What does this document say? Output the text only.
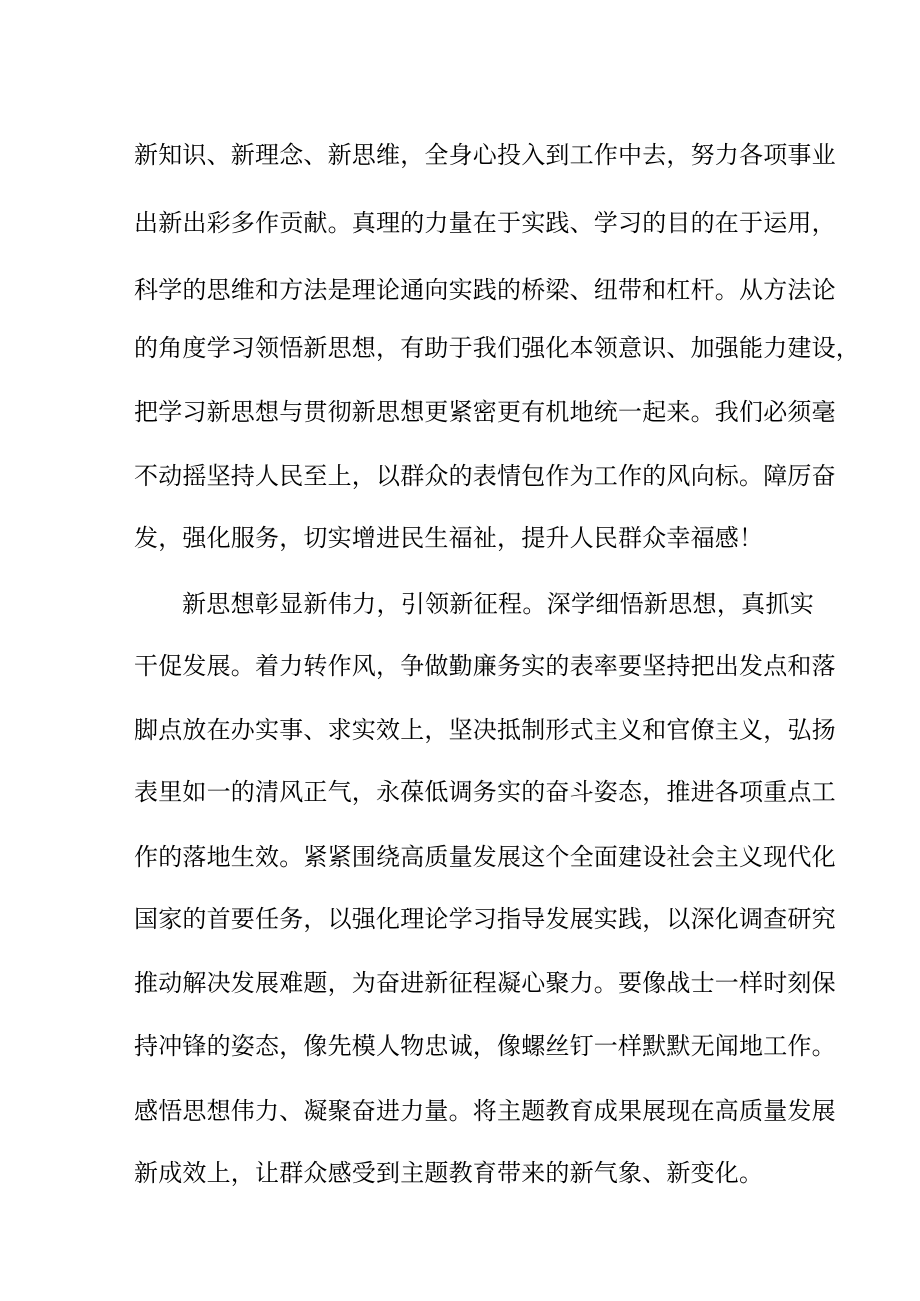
新知识、新理念、新思维，全身心投入到工作中去，努力各项事业
出新出彩多作贡献。真理的力量在于实践、学习的目的在于运用，
科学的思维和方法是理论通向实践的桥梁、纽带和杠杆。从方法论
的角度学习领悟新思想，有助于我们强化本领意识、加强能力建设，
把学习新思想与贯彻新思想更紧密更有机地统一起来。我们必须毫
不动摇坚持人民至上，以群众的表情包作为工作的风向标。障厉奋
发，强化服务，切实增进民生福祉，提升人民群众幸福感！
新思想彰显新伟力，引领新征程。深学细悟新思想，真抓实
干促发展。着力转作风，争做勤廉务实的表率要坚持把出发点和落
脚点放在办实事、求实效上，坚决抵制形式主义和官僚主义，弘扬
表里如一的清风正气，永葆低调务实的奋斗姿态，推进各项重点工
作的落地生效。紧紧围绕高质量发展这个全面建设社会主义现代化
国家的首要任务，以强化理论学习指导发展实践，以深化调查研究
推动解决发展难题，为奋进新征程凝心聚力。要像战士一样时刻保
持冲锋的姿态，像先模人物忠诚，像螺丝钉一样默默无闻地工作。
感悟思想伟力、凝聚奋进力量。将主题教育成果展现在高质量发展
新成效上，让群众感受到主题教育带来的新气象、新变化。
